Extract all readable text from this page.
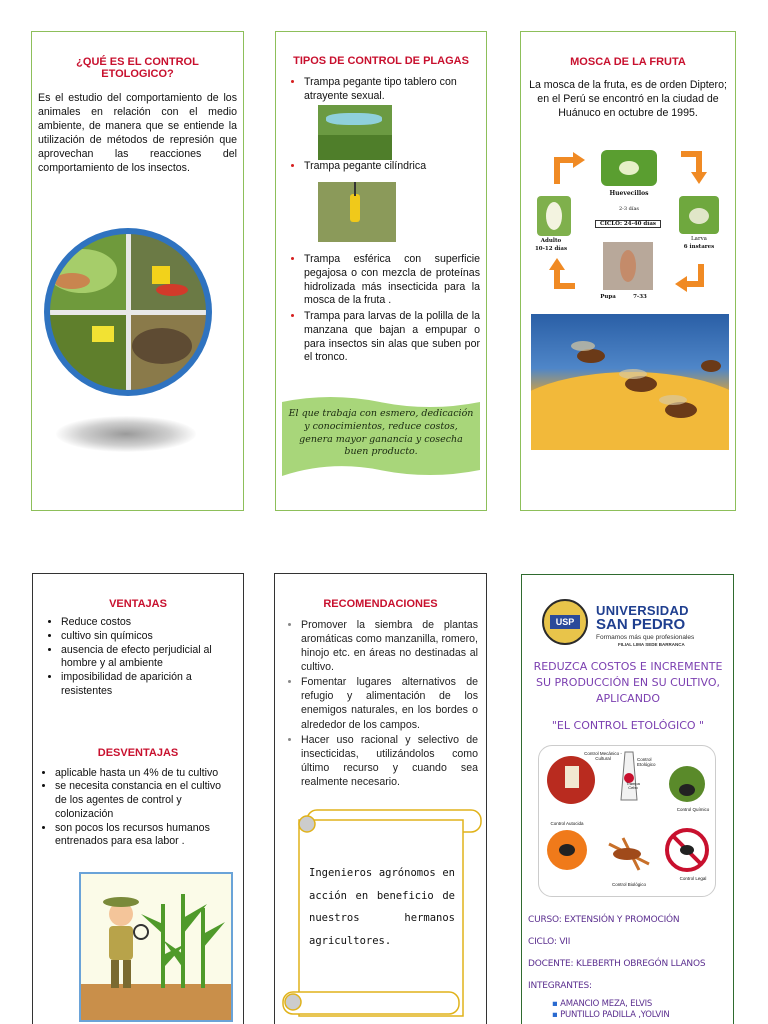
¿QUÉ ES EL CONTROL ETOLOGICO?

Es el estudio del comportamiento de los animales en relación con el medio ambiente, de manera que se entiende la utilización de métodos de represión que aprovechan las reacciones del comportamiento de los insectos.

TIPOS DE CONTROL DE PLAGAS

• Trampa pegante tipo tablero con atrayente sexual.
• Trampa pegante cilíndrica
• Trampa esférica con superficie pegajosa o con mezcla de proteínas hidrolizada más insecticida para la mosca de la fruta .
• Trampa para larvas de la polilla de la manzana que bajan a empupar o para insectos sin alas que suben por el tronco.
El que trabaja con esmero, dedicación y conocimientos, reduce costos, genera mayor ganancia y cosecha buen producto.

MOSCA DE LA FRUTA

La mosca de la fruta, es de orden Diptero; en el Perú se encontró en la ciudad de Huánuco en octubre de 1995.
Huevecillos
2-3 días
CICLO: 24-40 días
Adulto
10-12 días
Larva
6 instares
Pupa	7-33

VENTAJAS

• Reduce costos
• cultivo sin químicos
• ausencia de efecto perjudicial al hombre y al ambiente
• imposibilidad de aparición a resistentes

DESVENTAJAS

• aplicable hasta un 4% de tu cultivo
• se necesita constancia en el cultivo de los agentes de control y colonización
• son pocos los recursos humanos entrenados para esa labor .

RECOMENDACIONES

• Promover la siembra de plantas aromáticas como manzanilla, romero, hinojo etc. en áreas no destinadas al cultivo.
• Fomentar lugares alternativos de refugio y alimentación de los enemigos naturales, en los bordes o alrededor de los campos.
• Hacer uso racional y selectivo de insecticidas, utilizándolos como último recurso y cuando sea realmente necesario.
Ingenieros agrónomos en acción en beneficio de nuestros hermanos agricultores.
USP
UNIVERSIDAD
SAN PEDRO
Formamos más que profesionales
FILIAL LIMA SEDE BARRANCA
REDUZCA COSTOS E INCREMENTE SU PRODUCCIÓN EN SU CULTIVO, APLICANDO
"EL CONTROL ETOLÓGICO "
Control Mecánico - Cultural	Control Etológico
Trampa Cebo
Control Químico
Control Autocida
Control Legal
Control Biológico
CURSO: EXTENSIÓN Y PROMOCIÓN
CICLO: VII
DOCENTE: KLEBERTH OBREGÓN LLANOS
INTEGRANTES:
▪ AMANCIO MEZA, ELVIS
▪ PUNTILLO PADILLA ,YOLVIN
